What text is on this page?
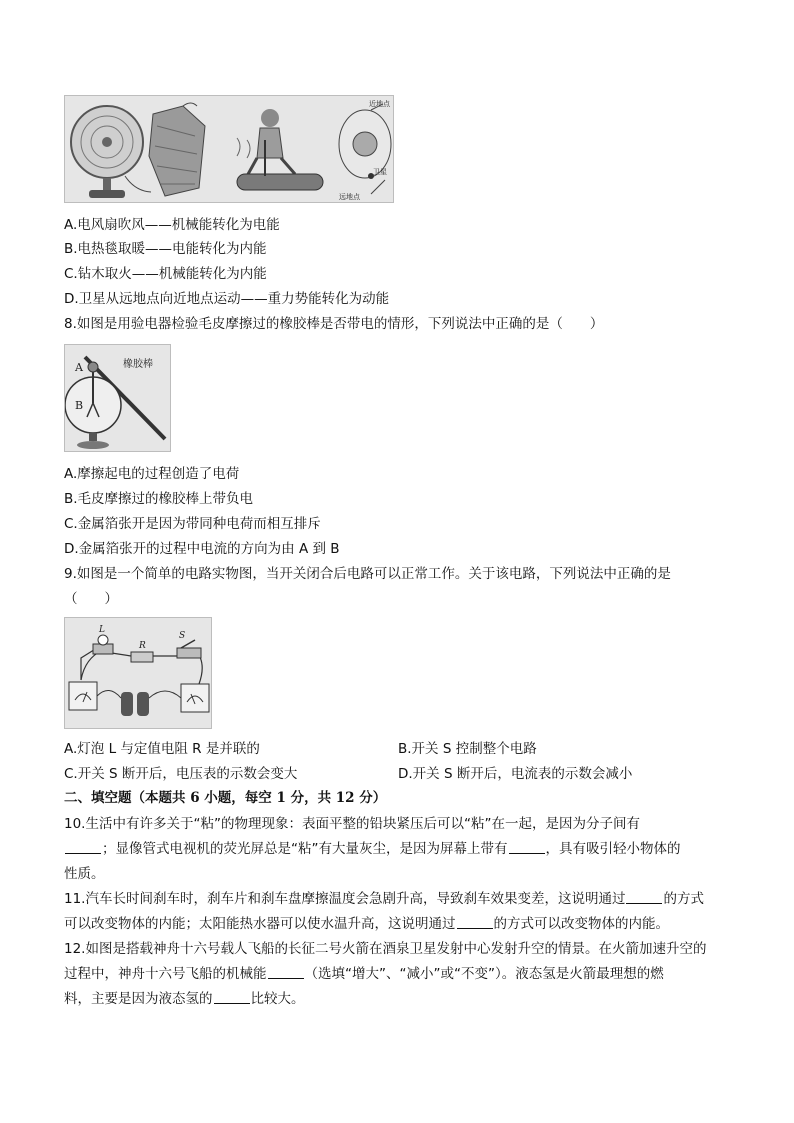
近地点
卫星
远地点
A.电风扇吹风——机械能转化为电能
B.电热毯取暖——电能转化为内能
C.钻木取火——机械能转化为内能
D.卫星从远地点向近地点运动——重力势能转化为动能
8.如图是用验电器检验毛皮摩擦过的橡胶棒是否带电的情形，下列说法中正确的是（　　）
橡胶棒
A
B
A.摩擦起电的过程创造了电荷
B.毛皮摩擦过的橡胶棒上带负电
C.金属箔张开是因为带同种电荷而相互排斥
D.金属箔张开的过程中电流的方向为由 A 到 B
9.如图是一个简单的电路实物图，当开关闭合后电路可以正常工作。关于该电路，下列说法中正确的是
（　　）
L
R
S
A.灯泡 L 与定值电阻 R 是并联的	B.开关 S 控制整个电路
C.开关 S 断开后，电压表的示数会变大	D.开关 S 断开后，电流表的示数会减小
二、填空题（本题共 6 小题，每空 1 分，共 12 分）
10.生活中有许多关于“粘”的物理现象：表面平整的铅块紧压后可以“粘”在一起，是因为分子间有
；显像管式电视机的荧光屏总是“粘”有大量灰尘，是因为屏幕上带有	，具有吸引轻小物体的
性质。
11.汽车长时间刹车时，刹车片和刹车盘摩擦温度会急剧升高，导致刹车效果变差，这说明通过	的方式
可以改变物体的内能；太阳能热水器可以使水温升高，这说明通过	的方式可以改变物体的内能。
12.如图是搭载神舟十六号载人飞船的长征二号火箭在酒泉卫星发射中心发射升空的情景。在火箭加速升空的
过程中，神舟十六号飞船的机械能	（选填“增大”、“减小”或“不变”）。液态氢是火箭最理想的燃
料，主要是因为液态氢的	比较大。
